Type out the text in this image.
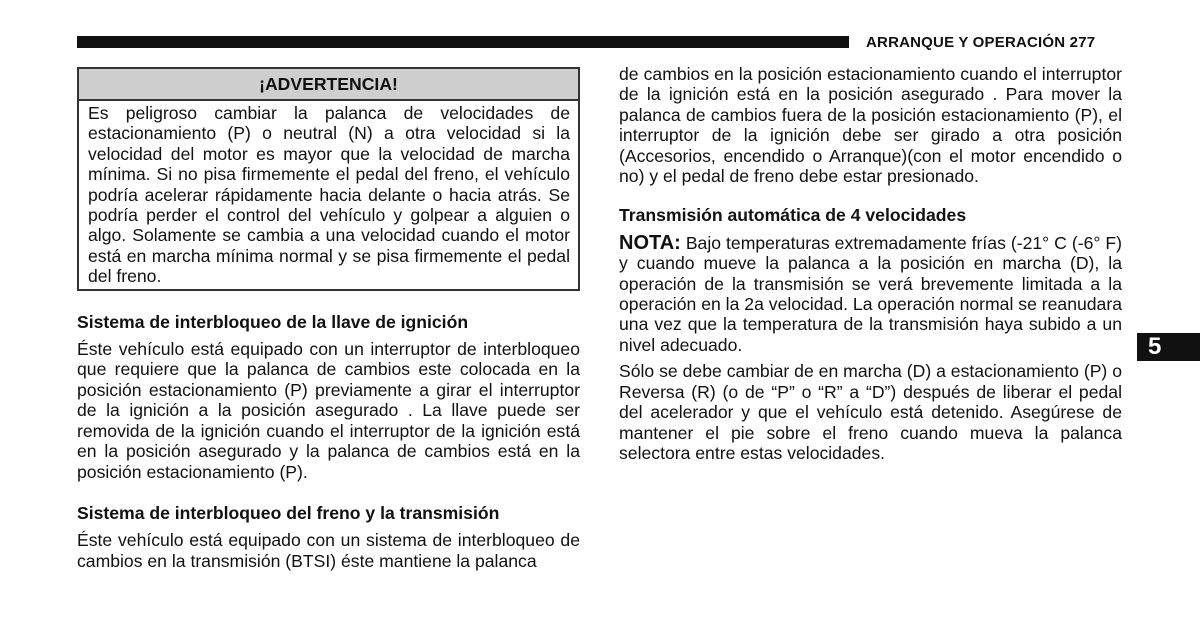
ARRANQUE Y OPERACIÓN 277
¡ADVERTENCIA!

Es peligroso cambiar la palanca de velocidades de estacionamiento (P) o neutral (N) a otra velocidad si la velocidad del motor es mayor que la velocidad de marcha mínima. Si no pisa firmemente el pedal del freno, el vehículo podría acelerar rápidamente hacia delante o hacia atrás. Se podría perder el control del vehículo y golpear a alguien o algo. Solamente se cambia a una velocidad cuando el motor está en marcha mínima normal y se pisa firmemente el pedal del freno.

Sistema de interbloqueo de la llave de ignición

Éste vehículo está equipado con un interruptor de interbloqueo que requiere que la palanca de cambios este colocada en la posición estacionamiento (P) previamente a girar el interruptor de la ignición a la posición asegurado . La llave puede ser removida de la ignición cuando el interruptor de la ignición está en la posición asegurado y la palanca de cambios está en la posición estacionamiento (P).

Sistema de interbloqueo del freno y la transmisión

Éste vehículo está equipado con un sistema de interbloqueo de cambios en la transmisión (BTSI) éste mantiene la palanca

de cambios en la posición estacionamiento cuando el interruptor de la ignición está en la posición asegurado . Para mover la palanca de cambios fuera de la posición estacionamiento (P), el interruptor de la ignición debe ser girado a otra posición (Accesorios, encendido o Arranque)(con el motor encendido o no) y el pedal de freno debe estar presionado.

Transmisión automática de 4 velocidades

NOTA: Bajo temperaturas extremadamente frías (-21° C (-6° F) y cuando mueve la palanca a la posición en marcha (D), la operación de la transmisión se verá brevemente limitada a la operación en la 2a velocidad. La operación normal se reanudara una vez que la temperatura de la transmisión haya subido a un nivel adecuado.

Sólo se debe cambiar de en marcha (D) a estacionamiento (P) o Reversa (R) (o de “P” o “R” a “D”) después de liberar el pedal del acelerador y que el vehículo está detenido. Asegúrese de mantener el pie sobre el freno cuando mueva la palanca selectora entre estas velocidades.

5
